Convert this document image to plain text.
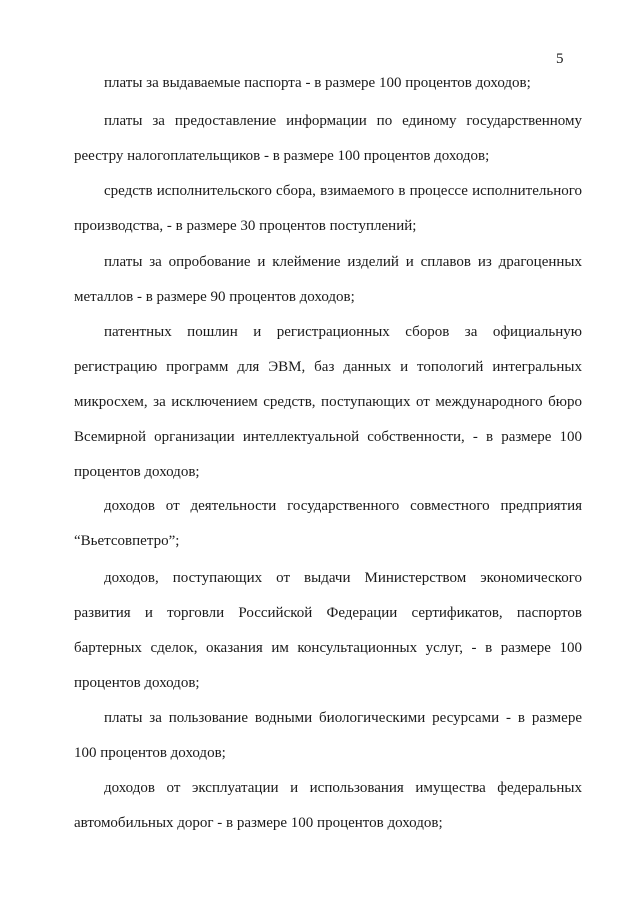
5

платы за выдаваемые паспорта - в размере 100 процентов доходов;

платы за предоставление информации по единому государственному реестру налогоплательщиков - в размере 100 процентов доходов;

средств исполнительского сбора, взимаемого в процессе исполнительного производства, - в размере 30 процентов поступлений;

платы за опробование и клеймение изделий и сплавов из драгоценных металлов - в размере 90 процентов доходов;

патентных пошлин и регистрационных сборов за официальную регистрацию программ для ЭВМ, баз данных и топологий интегральных микросхем, за исключением средств, поступающих от международного бюро Всемирной организации интеллектуальной собственности, - в размере 100 процентов доходов;

доходов от деятельности государственного совместного предприятия “Вьетсовпетро”;

доходов, поступающих от выдачи Министерством экономического развития и торговли Российской Федерации сертификатов, паспортов бартерных сделок, оказания им консультационных услуг, - в размере 100 процентов доходов;

платы за пользование водными биологическими ресурсами - в размере 100 процентов доходов;

доходов от эксплуатации и использования имущества федеральных автомобильных дорог - в размере 100 процентов доходов;
